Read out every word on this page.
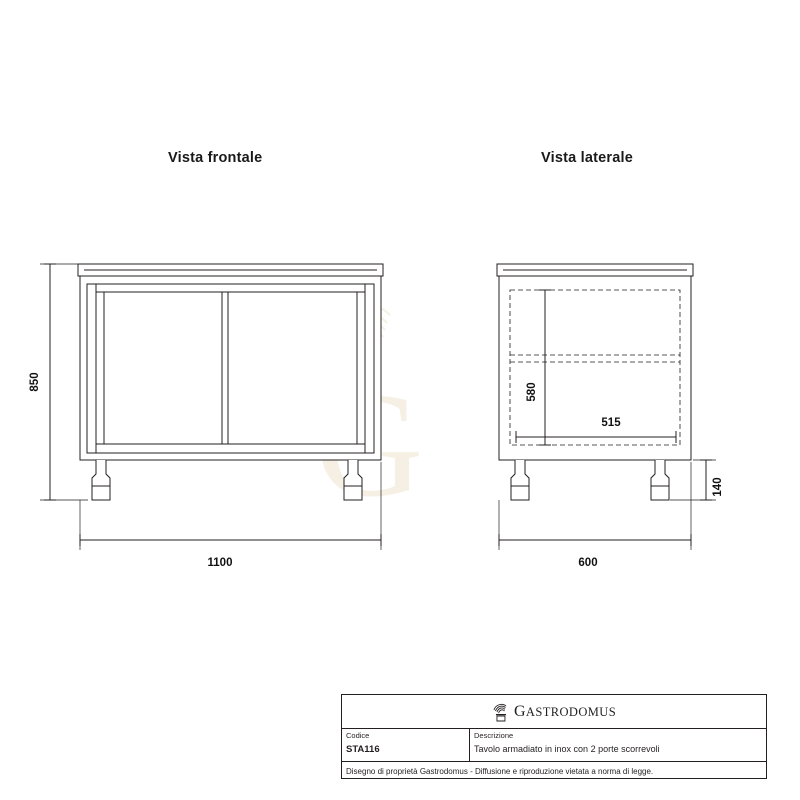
Vista frontale	Vista laterale
850
1100	600
580
515
140
GASTRODOMUS
Codice
STA116
Descrizione
Tavolo armadiato in inox con 2 porte scorrevoli
Disegno di proprietà Gastrodomus - Diffusione e riproduzione vietata a norma di legge.
